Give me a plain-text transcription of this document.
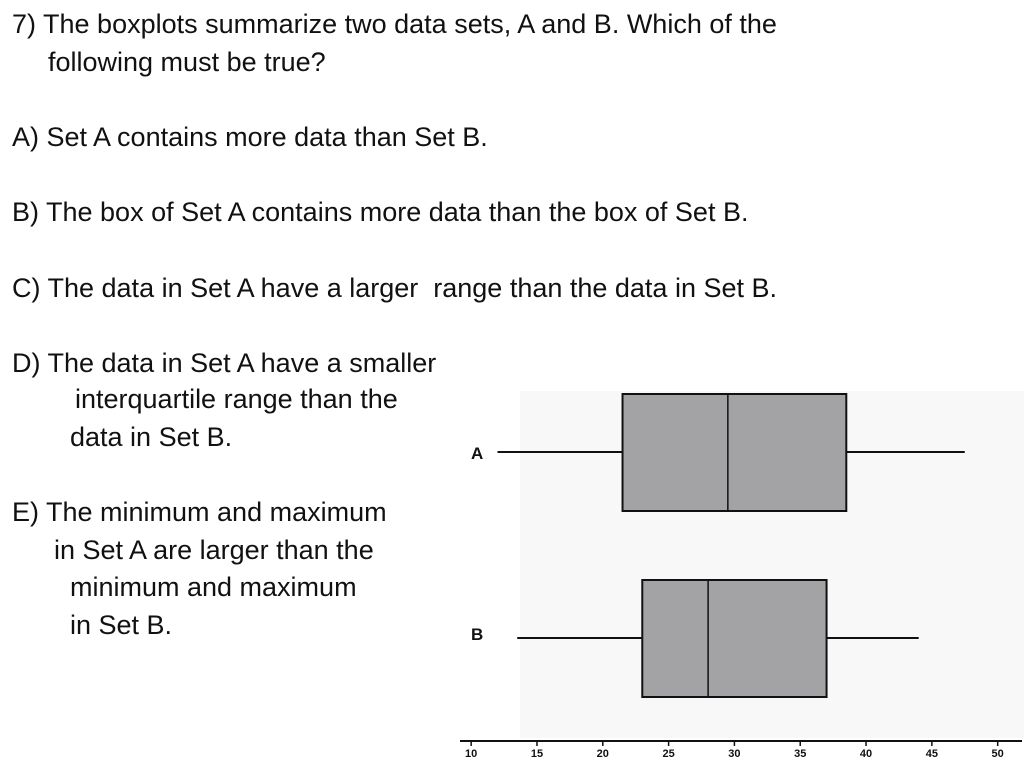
7) The boxplots summarize two data sets, A and B. Which of the
following must be true?
A) Set A contains more data than Set B.
B) The box of Set A contains more data than the box of Set B.
C) The data in Set A have a larger  range than the data in Set B.
D) The data in Set A have a smaller
interquartile range than the
data in Set B.
E) The minimum and maximum
in Set A are larger than the
minimum and maximum
in Set B.
A
B
10	15	20	25	30	35	40	45	50
